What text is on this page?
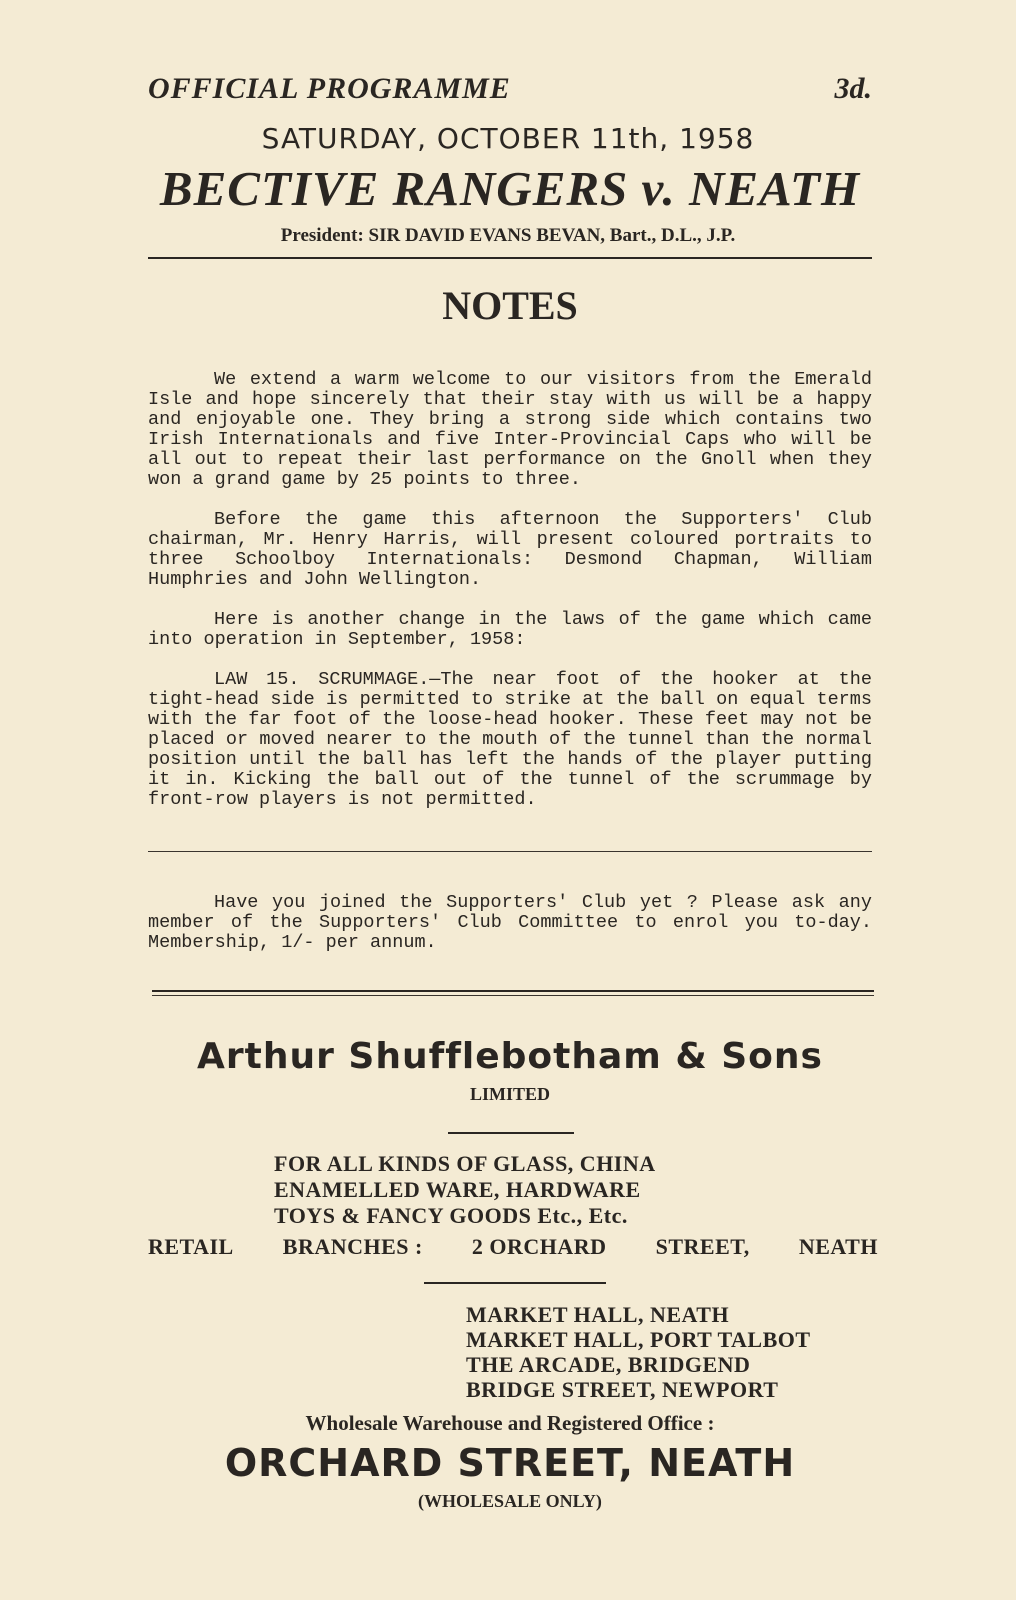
OFFICIAL PROGRAMME	3d.
SATURDAY, OCTOBER 11th, 1958
BECTIVE RANGERS v. NEATH
President: SIR DAVID EVANS BEVAN, Bart., D.L., J.P.
NOTES

We extend a warm welcome to our visitors from the Emerald Isle and hope sincerely that their stay with us will be a happy and enjoyable one. They bring a strong side which contains two Irish Internationals and five Inter-Provincial Caps who will be all out to repeat their last performance on the Gnoll when they won a grand game by 25 points to three.

Before the game this afternoon the Supporters' Club chairman, Mr. Henry Harris, will present coloured portraits to three Schoolboy Internationals: Desmond Chapman, William Humphries and John Wellington.

Here is another change in the laws of the game which came into operation in September, 1958:

LAW 15. SCRUMMAGE.—The near foot of the hooker at the tight-head side is permitted to strike at the ball on equal terms with the far foot of the loose-head hooker. These feet may not be placed or moved nearer to the mouth of the tunnel than the normal position until the ball has left the hands of the player putting it in. Kicking the ball out of the tunnel of the scrummage by front-row players is not permitted.

Have you joined the Supporters' Club yet ? Please ask any member of the Supporters' Club Committee to enrol you to-day. Membership, 1/- per annum.

Arthur Shufflebotham & Sons
LIMITED
FOR ALL KINDS OF GLASS, CHINA
ENAMELLED WARE, HARDWARE
TOYS & FANCY GOODS Etc., Etc.
RETAIL BRANCHES : 2 ORCHARD STREET, NEATH
MARKET HALL, NEATH
MARKET HALL, PORT TALBOT
THE ARCADE, BRIDGEND
BRIDGE STREET, NEWPORT
Wholesale Warehouse and Registered Office :
ORCHARD STREET, NEATH
(WHOLESALE ONLY)
